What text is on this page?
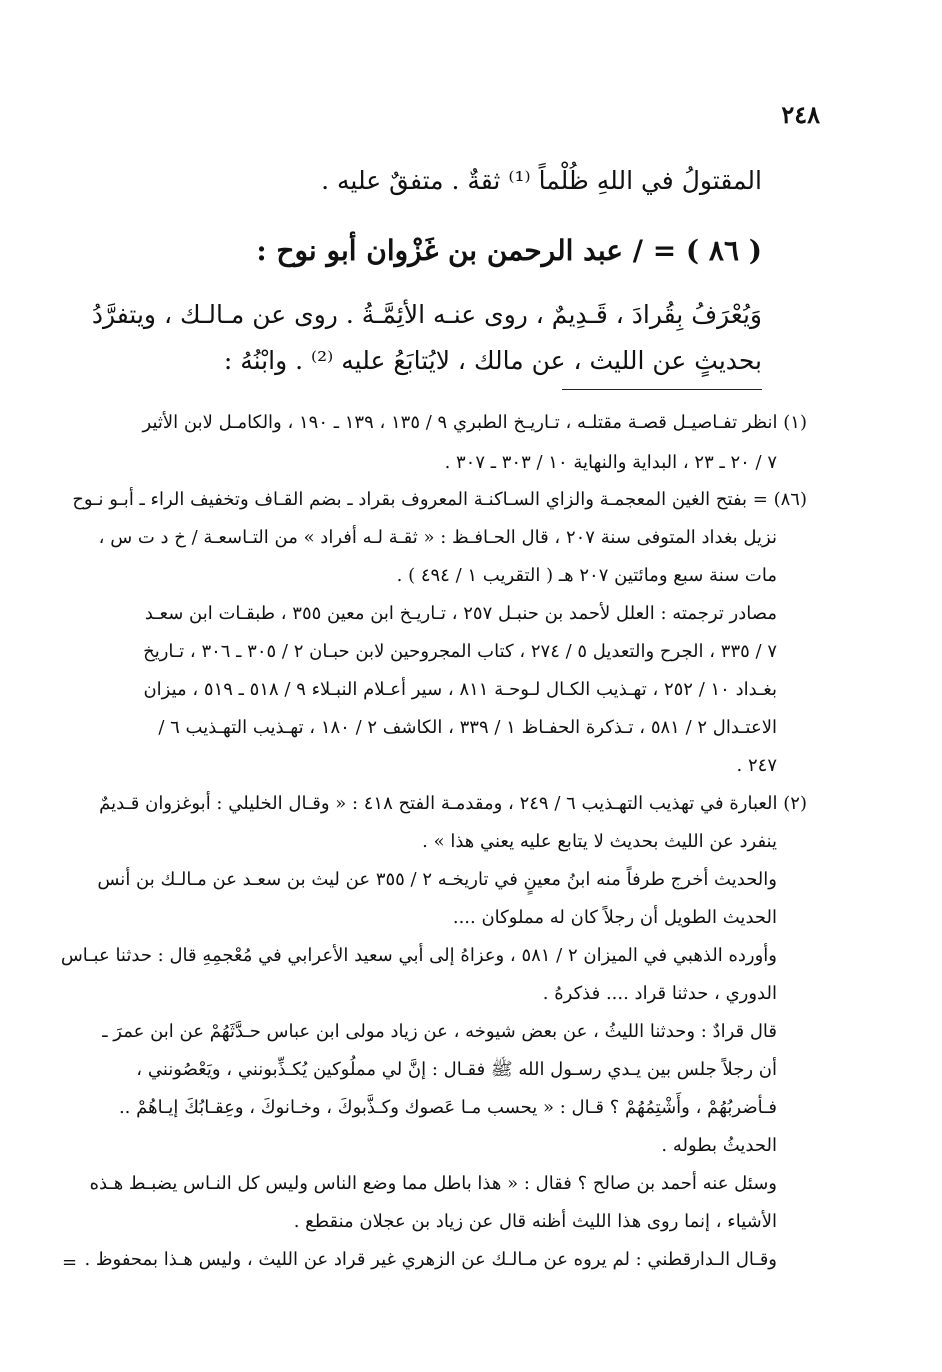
٢٤٨
المقتولُ في اللهِ ظُلْماً ⁽¹⁾ ثقةٌ . متفقٌ عليه .
( ٨٦ ) = / عبد الرحمن بن غَزْوان أبو نوح :
وَيُعْرَفُ بِقُرادَ ، قَـدِيمٌ ، روى عنـه الأئِمَّـةُ . روى عن مـالـك ، ويتفرَّدُ
بحديثٍ عن الليث ، عن مالك ، لايُتابَعُ عليه ⁽²⁾ . وابْنُهُ :
(١) انظر تفـاصيـل قصـة مقتلـه ، تـاريـخ الطبري ٩ / ١٣٥ ، ١٣٩ ـ ١٩٠ ، والكامـل لابن الأثير
٧ / ٢٠ ـ ٢٣ ، البداية والنهاية ١٠ / ٣٠٣ ـ ٣٠٧ .
(٨٦) = بفتح الغين المعجمـة والزاي السـاكنـة المعروف بقراد ـ بضم القـاف وتخفيف الراء ـ أبـو نـوح
نزيل بغداد المتوفى سنة ٢٠٧ ، قال الحـافـظ : « ثقـة لـه أفراد » من التـاسعـة / خ د ت س ،
مات سنة سبع ومائتين ٢٠٧ هـ ( التقريب ١ / ٤٩٤ ) .
مصادر ترجمته : العلل لأحمد بن حنبـل ٢٥٧ ، تـاريـخ ابن معين ٣٥٥ ، طبقـات ابن سعـد
٧ / ٣٣٥ ، الجرح والتعديل ٥ / ٢٧٤ ، كتاب المجروحين لابن حبـان ٢ / ٣٠٥ ـ ٣٠٦ ، تـاريخ
بغـداد ١٠ / ٢٥٢ ، تهـذيب الكـال لـوحـة ٨١١ ، سير أعـلام النبـلاء ٩ / ٥١٨ ـ ٥١٩ ، ميزان
الاعتـدال ٢ / ٥٨١ ، تـذكرة الحفـاظ ١ / ٣٣٩ ، الكاشف ٢ / ١٨٠ ، تهـذيب التهـذيب ٦ /
٢٤٧ .
(٢) العبارة في تهذيب التهـذيب ٦ / ٢٤٩ ، ومقدمـة الفتح ٤١٨ : « وقـال الخليلي : أبوغزوان قـديمٌ
ينفرد عن الليث بحديث لا يتابع عليه يعني هذا » .
والحديث أخرج طرفاً منه ابنُ معينٍ في تاريخـه ٢ / ٣٥٥ عن ليث بن سعـد عن مـالـك بن أنس
الحديث الطويل أن رجلاً كان له مملوكان ....
وأورده الذهبي في الميزان ٢ / ٥٨١ ، وعزاهُ إلى أبي سعيد الأعرابي في مُعْجمِهِ قال : حدثنا عبـاس
الدوري ، حدثنا قراد .... فذكرهُ .
قال قرادٌ : وحدثنا الليثُ ، عن بعض شيوخه ، عن زياد مولى ابن عباس حـدَّثَهُمْ عن ابن عمرَ ـ
أن رجلاً جلس بين يـدي رسـول الله ﷺ فقـال : إنَّ لي مملُوكين يُكـذِّبونني ، ويَعْصُونني ،
فـأضربُهُمْ ، وأَشْتِمُهُمْ ؟ قـال : « يحسب مـا عَصوك وكـذَّبوكَ ، وخـانوكَ ، وعِقـابُكَ إيـاهُمْ ..
الحديثُ بطوله .
وسئل عنه أحمد بن صالح ؟ فقال : « هذا باطل مما وضع الناس وليس كل النـاس يضبـط هـذه
الأشياء ، إنما روى هذا الليث أظنه قال عن زياد بن عجلان منقطع .
وقـال الـدارقطني : لم يروه عن مـالـك عن الزهري غير قراد عن الليث ، وليس هـذا بمحفوظ .
=
